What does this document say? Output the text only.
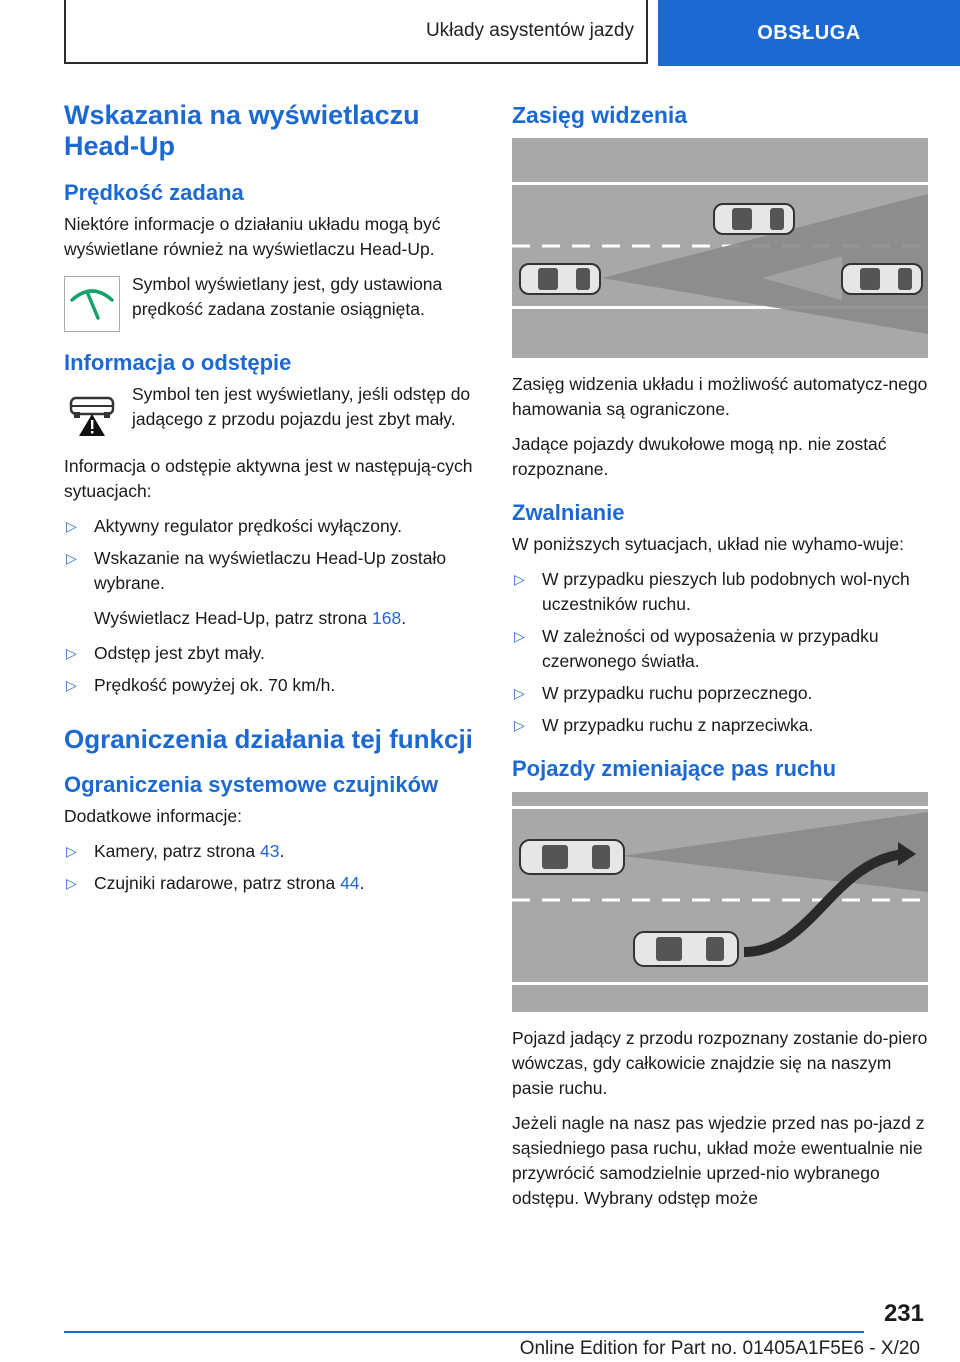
Układy asystentów jazdy	OBSŁUGA
Wskazania na wyświetlaczu Head-Up
Prędkość zadana

Niektóre informacje o działaniu układu mogą być wyświetlane również na wyświetlaczu Head-Up.

Symbol wyświetlany jest, gdy ustawiona prędkość zadana zostanie osiągnięta.
Informacja o odstępie
Symbol ten jest wyświetlany, jeśli odstęp do jadącego z przodu pojazdu jest zbyt mały.

Informacja o odstępie aktywna jest w następują-cych sytuacjach:

▷ Aktywny regulator prędkości wyłączony.
▷ Wskazanie na wyświetlaczu Head-Up zostało wybrane.
Wyświetlacz Head-Up, patrz strona 168.
▷ Odstęp jest zbyt mały.
▷ Prędkość powyżej ok. 70 km/h.
Ograniczenia działania tej funkcji
Ograniczenia systemowe czujników

Dodatkowe informacje:

▷ Kamery, patrz strona 43.
▷ Czujniki radarowe, patrz strona 44.
Zasięg widzenia

Zasięg widzenia układu i możliwość automatycz-nego hamowania są ograniczone.

Jadące pojazdy dwukołowe mogą np. nie zostać rozpoznane.

Zwalnianie

W poniższych sytuacjach, układ nie wyhamo-wuje:

▷ W przypadku pieszych lub podobnych wol-nych uczestników ruchu.
▷ W zależności od wyposażenia w przypadku czerwonego światła.
▷ W przypadku ruchu poprzecznego.
▷ W przypadku ruchu z naprzeciwka.
Pojazdy zmieniające pas ruchu

Pojazd jadący z przodu rozpoznany zostanie do-piero wówczas, gdy całkowicie znajdzie się na naszym pasie ruchu.

Jeżeli nagle na nasz pas wjedzie przed nas po-jazd z sąsiedniego pasa ruchu, układ może ewentualnie nie przywrócić samodzielnie uprzed-nio wybranego odstępu. Wybrany odstęp może

231
Online Edition for Part no. 01405A1F5E6 - X/20
